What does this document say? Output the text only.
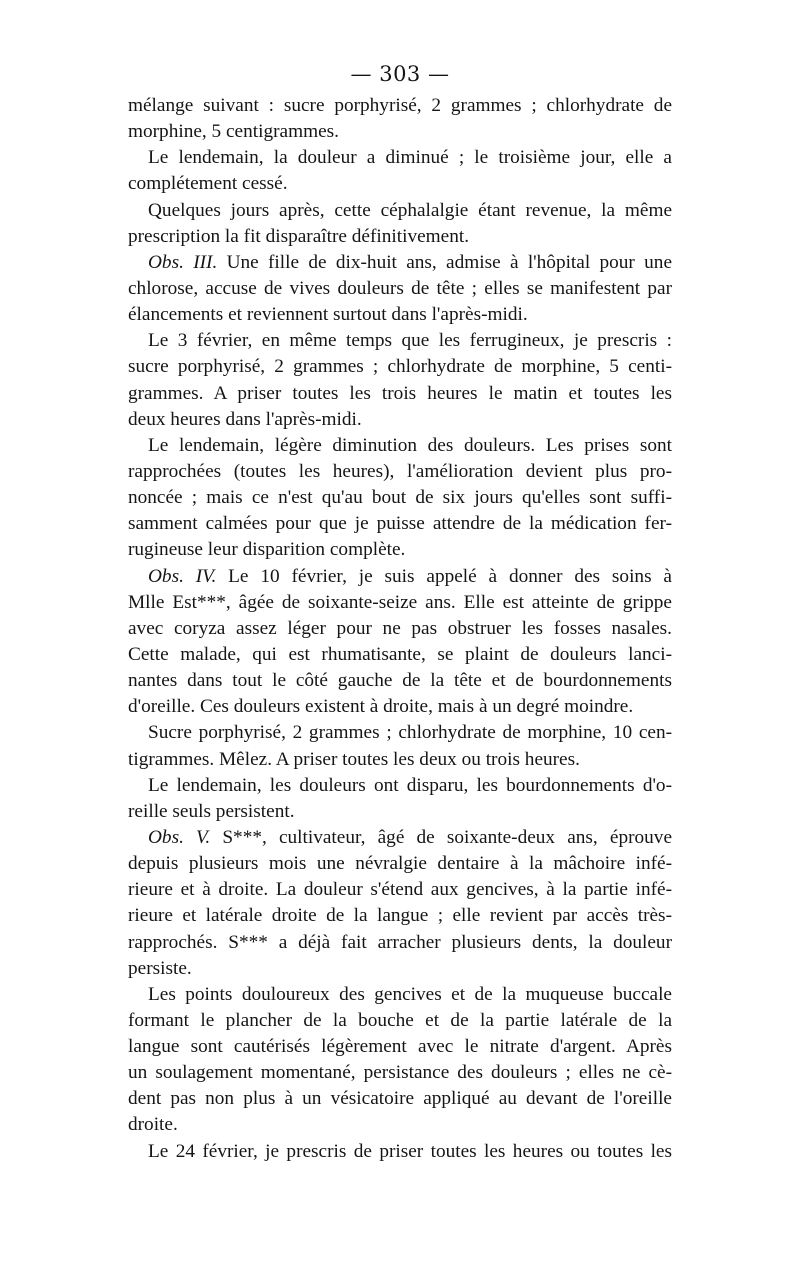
— 303 —
mélange suivant : sucre porphyrisé, 2 grammes ; chlorhydrate de
morphine, 5 centigrammes.
Le lendemain, la douleur a diminué ; le troisième jour, elle a
complétement cessé.
Quelques jours après, cette céphalalgie étant revenue, la même
prescription la fit disparaître définitivement.
Obs. III. Une fille de dix-huit ans, admise à l'hôpital pour une
chlorose, accuse de vives douleurs de tête ; elles se manifestent par
élancements et reviennent surtout dans l'après-midi.
Le 3 février, en même temps que les ferrugineux, je prescris :
sucre porphyrisé, 2 grammes ; chlorhydrate de morphine, 5 centi-
grammes. A priser toutes les trois heures le matin et toutes les
deux heures dans l'après-midi.
Le lendemain, légère diminution des douleurs. Les prises sont
rapprochées (toutes les heures), l'amélioration devient plus pro-
noncée ; mais ce n'est qu'au bout de six jours qu'elles sont suffi-
samment calmées pour que je puisse attendre de la médication fer-
rugineuse leur disparition complète.
Obs. IV. Le 10 février, je suis appelé à donner des soins à
Mlle Est***, âgée de soixante-seize ans. Elle est atteinte de grippe
avec coryza assez léger pour ne pas obstruer les fosses nasales.
Cette malade, qui est rhumatisante, se plaint de douleurs lanci-
nantes dans tout le côté gauche de la tête et de bourdonnements
d'oreille. Ces douleurs existent à droite, mais à un degré moindre.
Sucre porphyrisé, 2 grammes ; chlorhydrate de morphine, 10 cen-
tigrammes. Mêlez. A priser toutes les deux ou trois heures.
Le lendemain, les douleurs ont disparu, les bourdonnements d'o-
reille seuls persistent.
Obs. V. S***, cultivateur, âgé de soixante-deux ans, éprouve
depuis plusieurs mois une névralgie dentaire à la mâchoire infé-
rieure et à droite. La douleur s'étend aux gencives, à la partie infé-
rieure et latérale droite de la langue ; elle revient par accès très-
rapprochés. S*** a déjà fait arracher plusieurs dents, la douleur
persiste.
Les points douloureux des gencives et de la muqueuse buccale
formant le plancher de la bouche et de la partie latérale de la
langue sont cautérisés légèrement avec le nitrate d'argent. Après
un soulagement momentané, persistance des douleurs ; elles ne cè-
dent pas non plus à un vésicatoire appliqué au devant de l'oreille
droite.
Le 24 février, je prescris de priser toutes les heures ou toutes les
